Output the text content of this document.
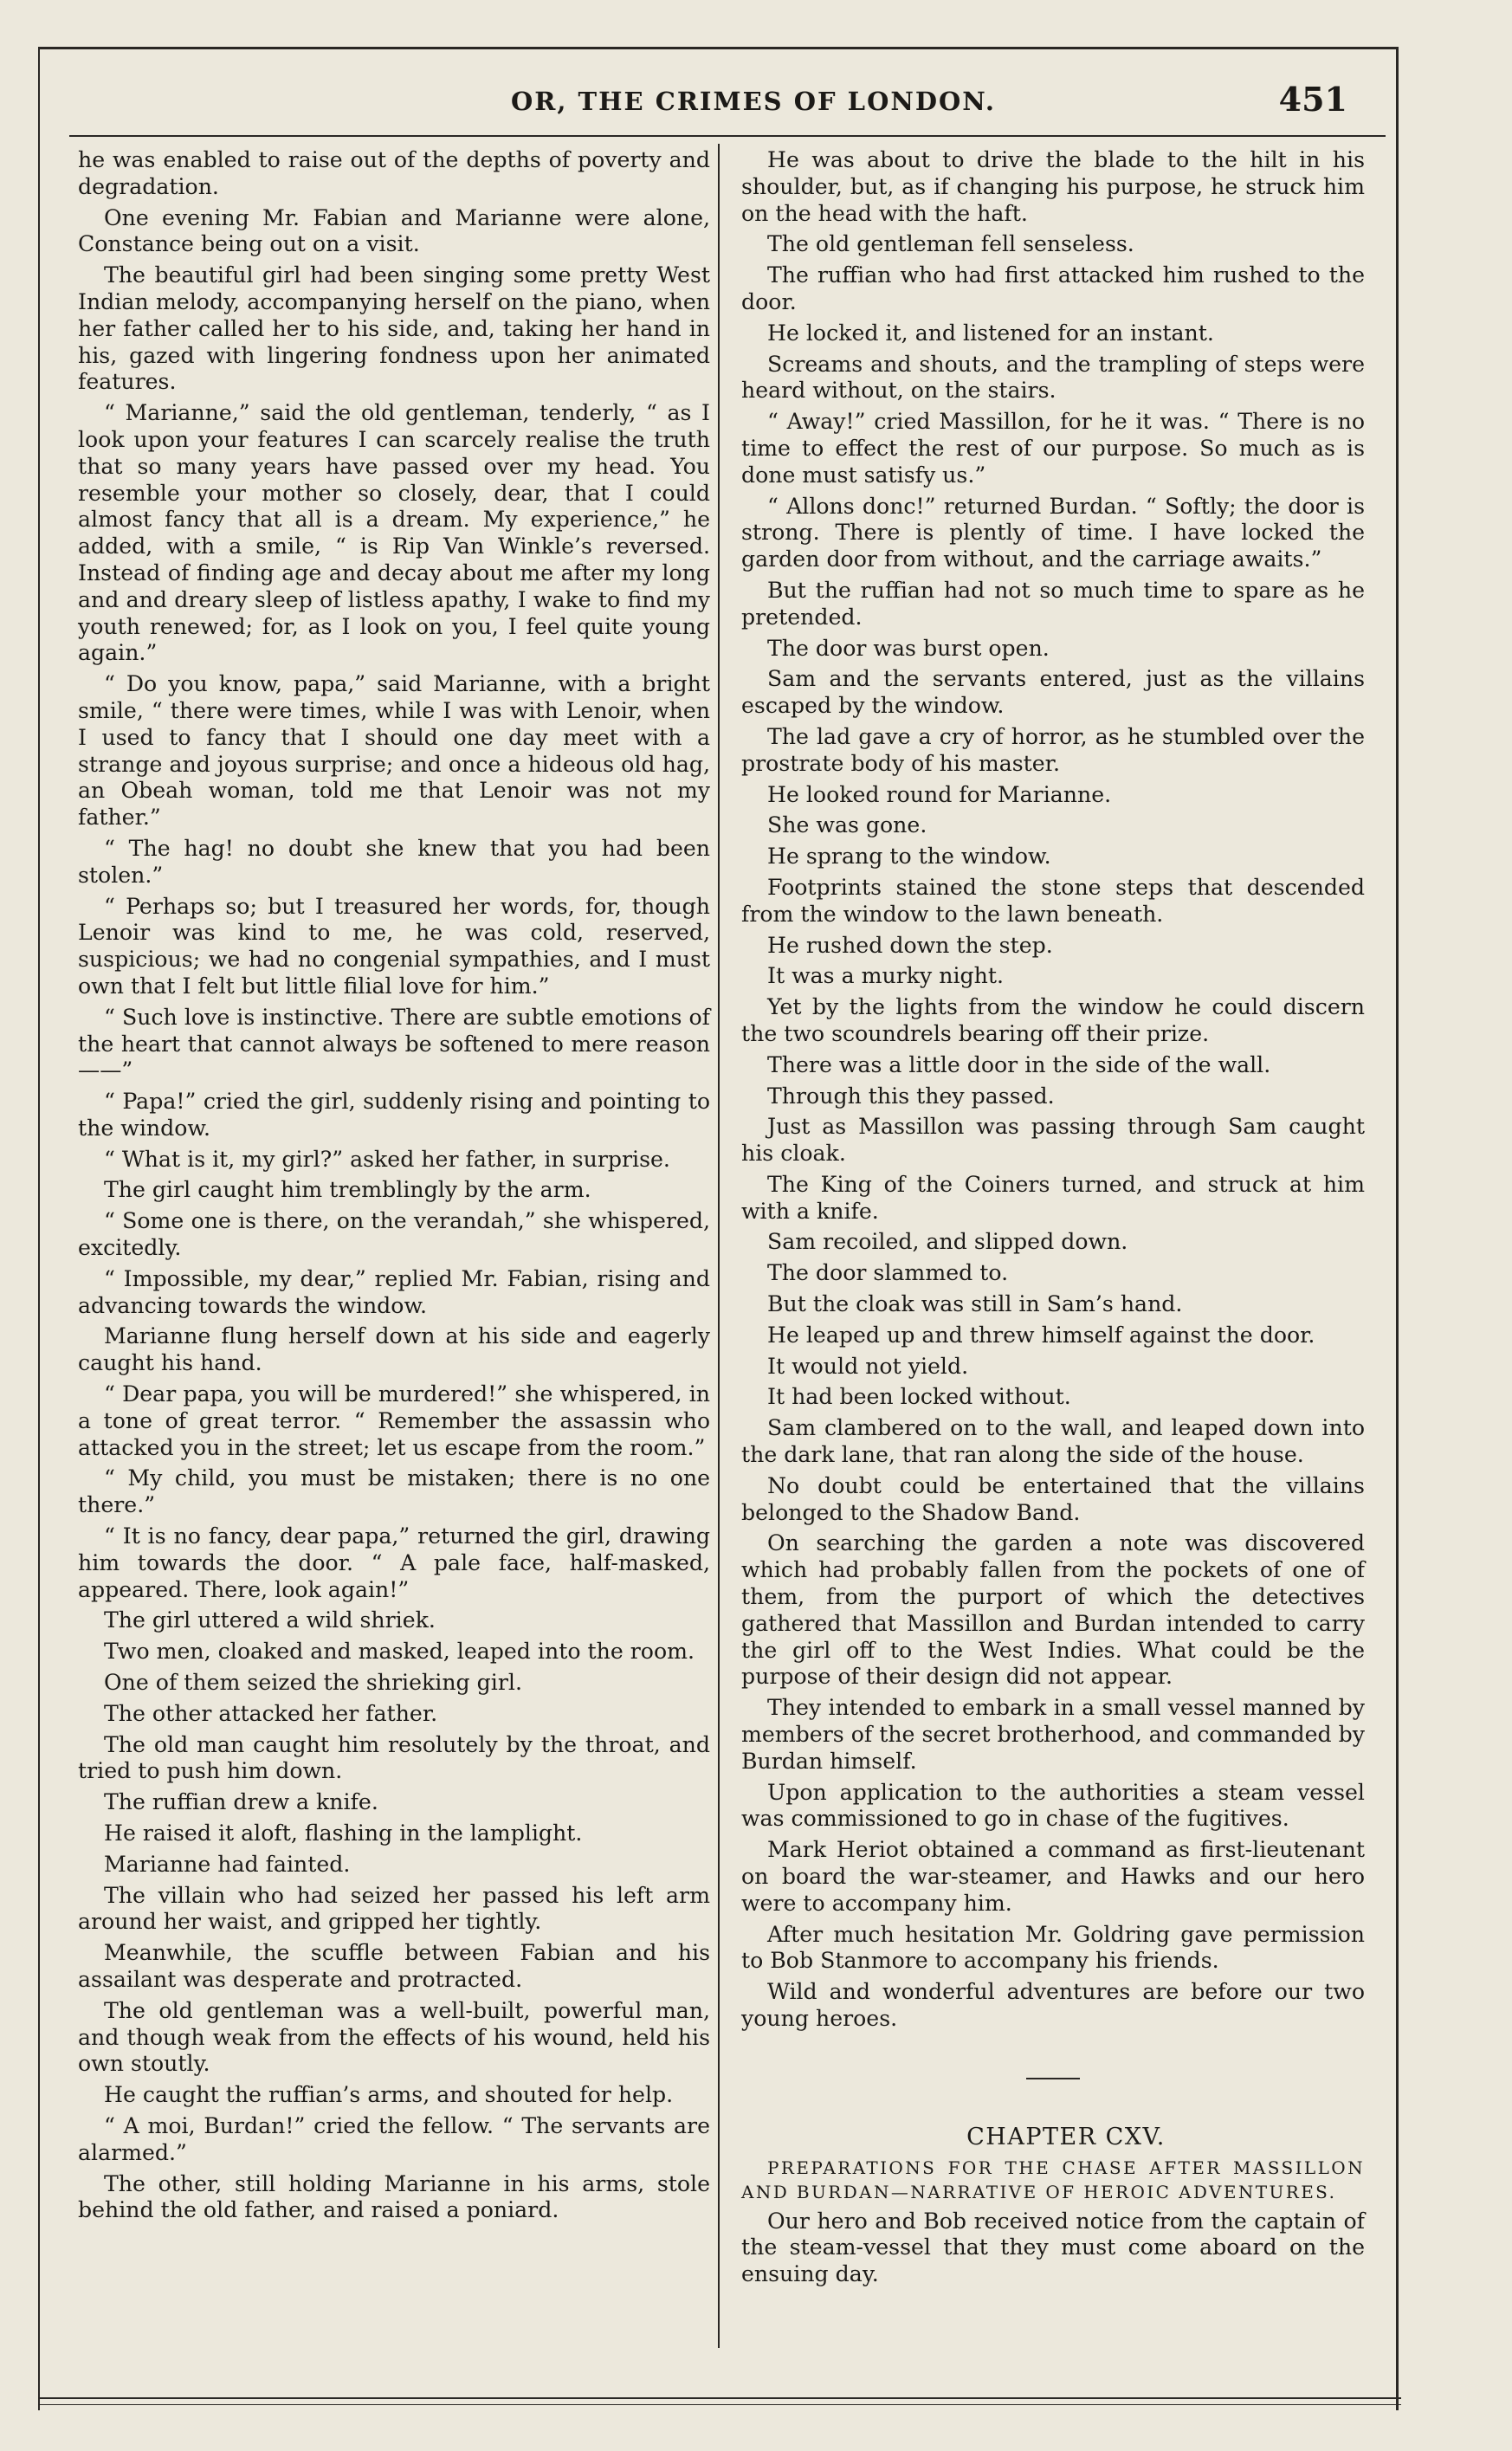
OR, THE CRIMES OF LONDON.	451

he was enabled to raise out of the depths of poverty and degradation.

One evening Mr. Fabian and Marianne were alone, Constance being out on a visit.

The beautiful girl had been singing some pretty West Indian melody, accompanying herself on the piano, when her father called her to his side, and, taking her hand in his, gazed with lingering fondness upon her animated features.

“ Marianne,” said the old gentleman, tenderly, “ as I look upon your features I can scarcely realise the truth that so many years have passed over my head. You resemble your mother so closely, dear, that I could almost fancy that all is a dream. My experience,” he added, with a smile, “ is Rip Van Winkle’s reversed. Instead of finding age and decay about me after my long and and dreary sleep of listless apathy, I wake to find my youth renewed; for, as I look on you, I feel quite young again.”

“ Do you know, papa,” said Marianne, with a bright smile, “ there were times, while I was with Lenoir, when I used to fancy that I should one day meet with a strange and joyous surprise; and once a hideous old hag, an Obeah woman, told me that Lenoir was not my father.”

“ The hag! no doubt she knew that you had been stolen.”

“ Perhaps so; but I treasured her words, for, though Lenoir was kind to me, he was cold, reserved, suspicious; we had no congenial sympathies, and I must own that I felt but little filial love for him.”

“ Such love is instinctive. There are subtle emotions of the heart that cannot always be softened to mere reason——”

“ Papa!” cried the girl, suddenly rising and pointing to the window.

“ What is it, my girl?” asked her father, in surprise.

The girl caught him tremblingly by the arm.

“ Some one is there, on the verandah,” she whispered, excitedly.

“ Impossible, my dear,” replied Mr. Fabian, rising and advancing towards the window.

Marianne flung herself down at his side and eagerly caught his hand.

“ Dear papa, you will be murdered!” she whispered, in a tone of great terror. “ Remember the assassin who attacked you in the street; let us escape from the room.”

“ My child, you must be mistaken; there is no one there.”

“ It is no fancy, dear papa,” returned the girl, drawing him towards the door. “ A pale face, half-masked, appeared. There, look again!”

The girl uttered a wild shriek.

Two men, cloaked and masked, leaped into the room.

One of them seized the shrieking girl.

The other attacked her father.

The old man caught him resolutely by the throat, and tried to push him down.

The ruffian drew a knife.

He raised it aloft, flashing in the lamplight.

Marianne had fainted.

The villain who had seized her passed his left arm around her waist, and gripped her tightly.

Meanwhile, the scuffle between Fabian and his assailant was desperate and protracted.

The old gentleman was a well-built, powerful man, and though weak from the effects of his wound, held his own stoutly.

He caught the ruffian’s arms, and shouted for help.

“ A moi, Burdan!” cried the fellow. “ The servants are alarmed.”

The other, still holding Marianne in his arms, stole behind the old father, and raised a poniard.

He was about to drive the blade to the hilt in his shoulder, but, as if changing his purpose, he struck him on the head with the haft.

The old gentleman fell senseless.

The ruffian who had first attacked him rushed to the door.

He locked it, and listened for an instant.

Screams and shouts, and the trampling of steps were heard without, on the stairs.

“ Away!” cried Massillon, for he it was. “ There is no time to effect the rest of our purpose. So much as is done must satisfy us.”

“ Allons donc!” returned Burdan. “ Softly; the door is strong. There is plently of time. I have locked the garden door from without, and the carriage awaits.”

But the ruffian had not so much time to spare as he pretended.

The door was burst open.

Sam and the servants entered, just as the villains escaped by the window.

The lad gave a cry of horror, as he stumbled over the prostrate body of his master.

He looked round for Marianne.

She was gone.

He sprang to the window.

Footprints stained the stone steps that descended from the window to the lawn beneath.

He rushed down the step.

It was a murky night.

Yet by the lights from the window he could discern the two scoundrels bearing off their prize.

There was a little door in the side of the wall.

Through this they passed.

Just as Massillon was passing through Sam caught his cloak.

The King of the Coiners turned, and struck at him with a knife.

Sam recoiled, and slipped down.

The door slammed to.

But the cloak was still in Sam’s hand.

He leaped up and threw himself against the door.

It would not yield.

It had been locked without.

Sam clambered on to the wall, and leaped down into the dark lane, that ran along the side of the house.

No doubt could be entertained that the villains belonged to the Shadow Band.

On searching the garden a note was discovered which had probably fallen from the pockets of one of them, from the purport of which the detectives gathered that Massillon and Burdan intended to carry the girl off to the West Indies. What could be the purpose of their design did not appear.

They intended to embark in a small vessel manned by members of the secret brotherhood, and commanded by Burdan himself.

Upon application to the authorities a steam vessel was commissioned to go in chase of the fugitives.

Mark Heriot obtained a command as first-lieutenant on board the war-steamer, and Hawks and our hero were to accompany him.

After much hesitation Mr. Goldring gave permission to Bob Stanmore to accompany his friends.

Wild and wonderful adventures are before our two young heroes.

CHAPTER CXV.

PREPARATIONS FOR THE CHASE AFTER MASSILLON AND BURDAN—NARRATIVE OF HEROIC ADVENTURES.

Our hero and Bob received notice from the captain of the steam-vessel that they must come aboard on the ensuing day.
